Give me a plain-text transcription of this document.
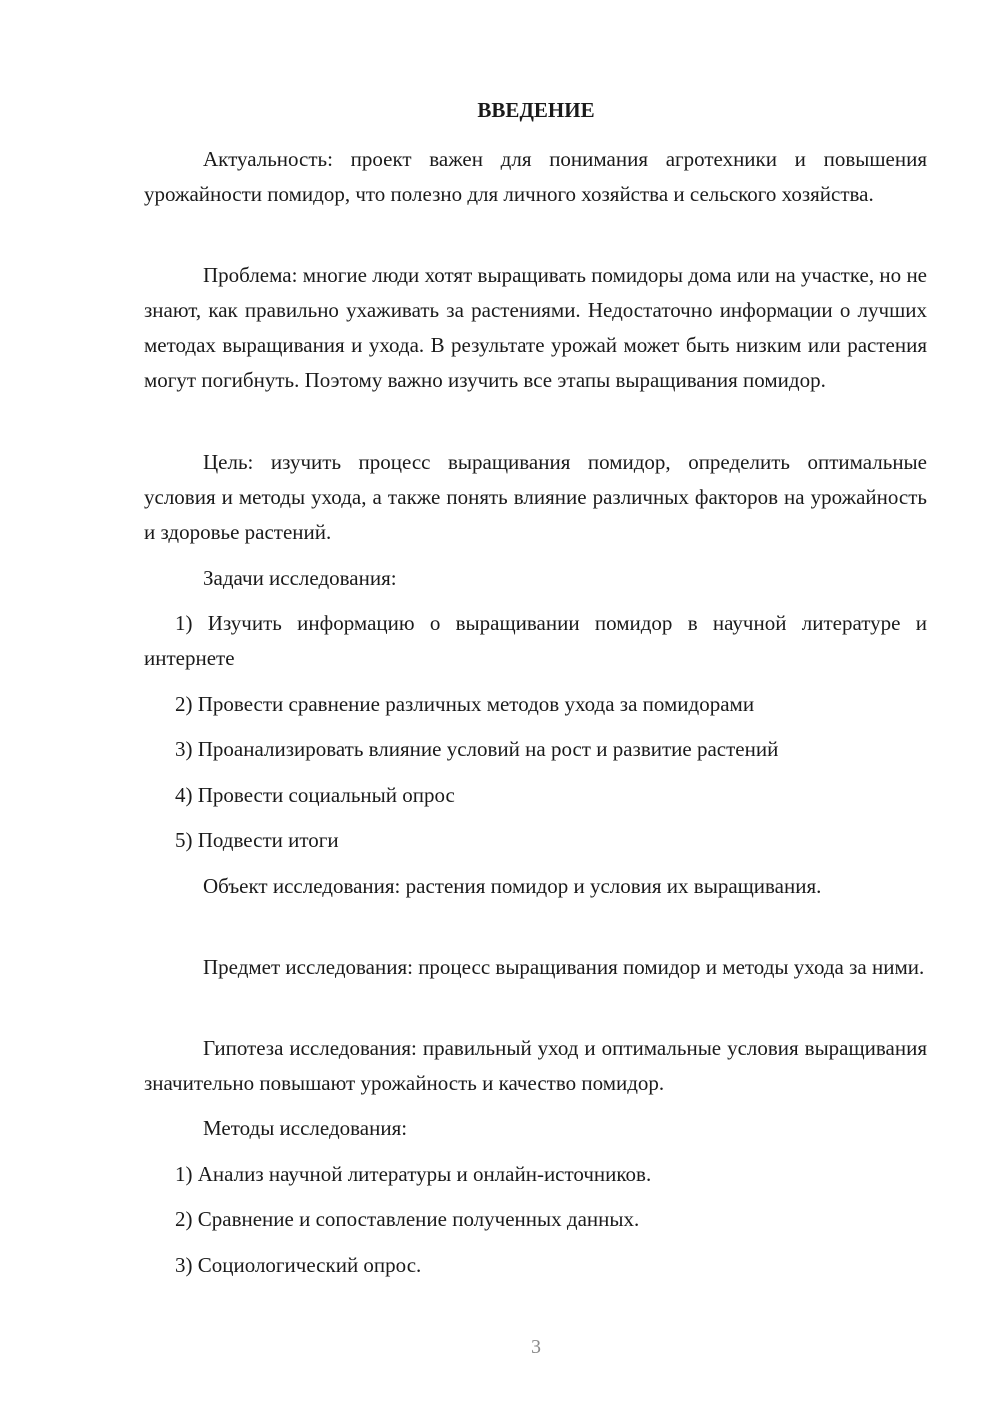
ВВЕДЕНИЕ

Актуальность: проект важен для понимания агротехники и повышения урожайности помидор, что полезно для личного хозяйства и сельского хозяйства.

Проблема: многие люди хотят выращивать помидоры дома или на участке, но не знают, как правильно ухаживать за растениями. Недостаточно информации о лучших методах выращивания и ухода. В результате урожай может быть низким или растения могут погибнуть. Поэтому важно изучить все этапы выращивания помидор.

Цель: изучить процесс выращивания помидор, определить оптимальные условия и методы ухода, а также понять влияние различных факторов на урожайность и здоровье растений.

Задачи исследования:

1) Изучить информацию о выращивании помидор в научной литературе и интернете

2) Провести сравнение различных методов ухода за помидорами

3) Проанализировать влияние условий на рост и развитие растений

4) Провести социальный опрос

5) Подвести итоги

Объект исследования: растения помидор и условия их выращивания.

Предмет исследования: процесс выращивания помидор и методы ухода за ними.

Гипотеза исследования: правильный уход и оптимальные условия выращивания значительно повышают урожайность и качество помидор.

Методы исследования:

1) Анализ научной литературы и онлайн-источников.

2) Сравнение и сопоставление полученных данных.

3) Социологический опрос.

3
